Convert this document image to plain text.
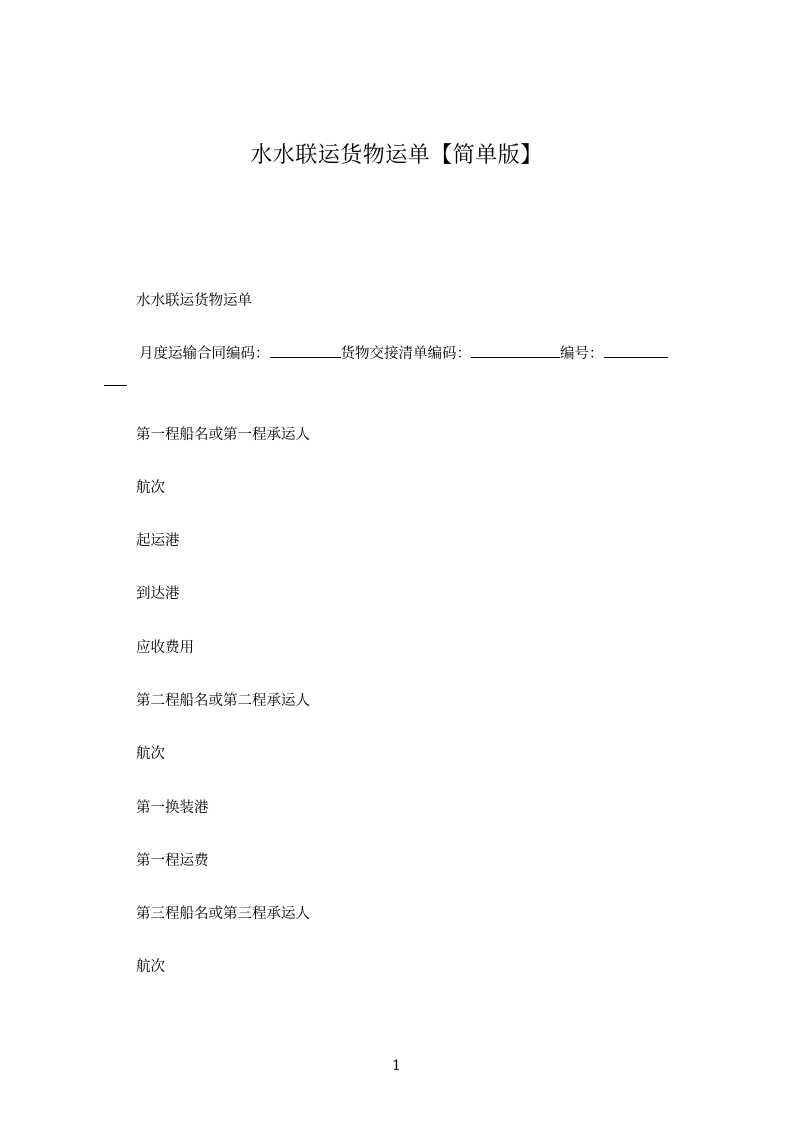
水水联运货物运单【简单版】
水水联运货物运单
月度运输合同编码：	货物交接清单编码：	编号：
第一程船名或第一程承运人
航次
起运港
到达港
应收费用
第二程船名或第二程承运人
航次
第一换装港
第一程运费
第三程船名或第三程承运人
航次
1
